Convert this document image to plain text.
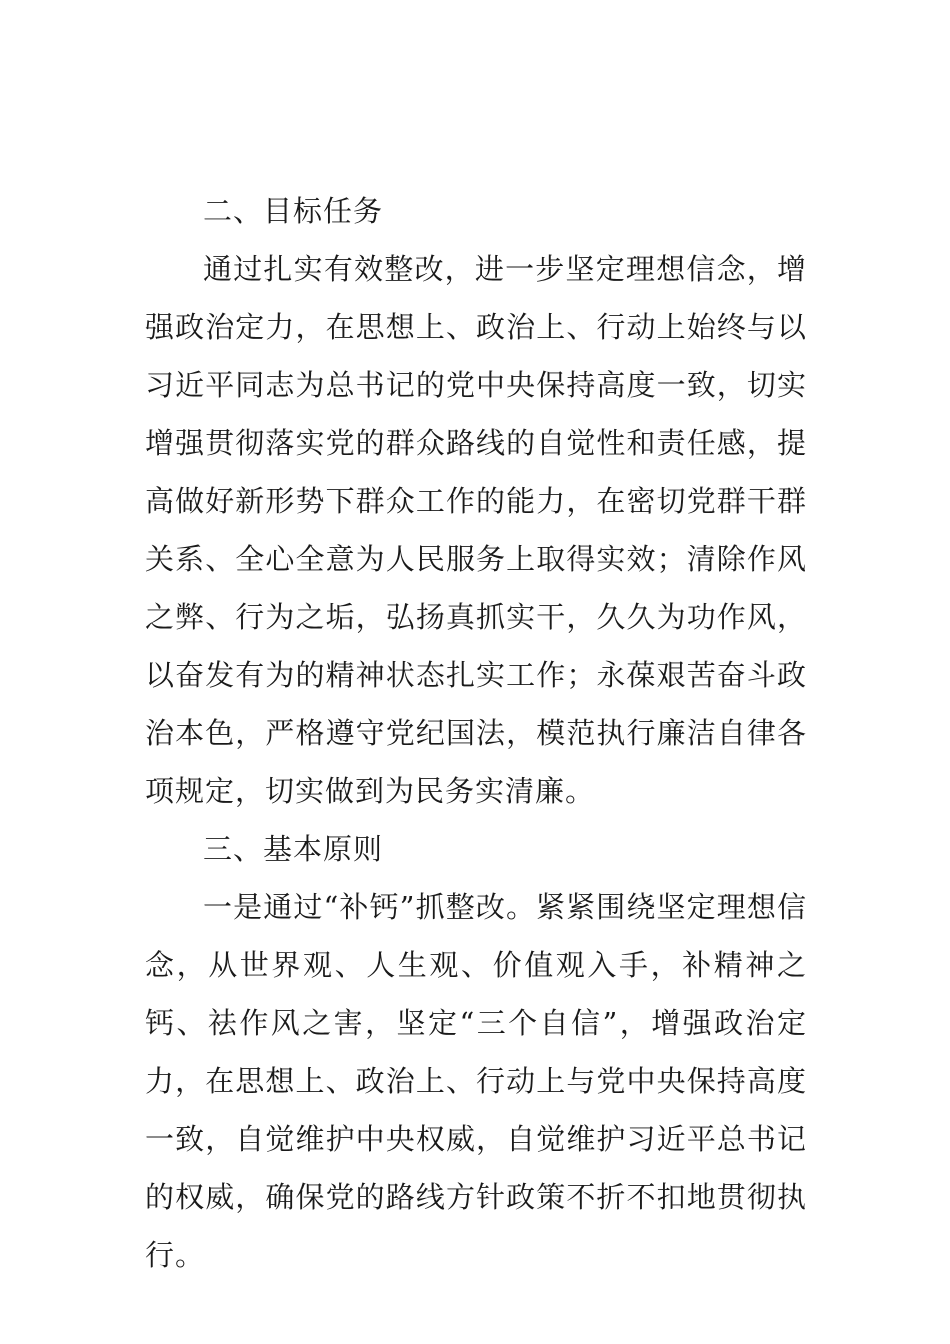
二、目标任务

通过扎实有效整改，进一步坚定理想信念，增强政治定力，在思想上、政治上、行动上始终与以习近平同志为总书记的党中央保持高度一致，切实增强贯彻落实党的群众路线的自觉性和责任感，提高做好新形势下群众工作的能力，在密切党群干群关系、全心全意为人民服务上取得实效；清除作风之弊、行为之垢，弘扬真抓实干，久久为功作风，以奋发有为的精神状态扎实工作；永葆艰苦奋斗政治本色，严格遵守党纪国法，模范执行廉洁自律各项规定，切实做到为民务实清廉。

三、基本原则

一是通过“补钙”抓整改。紧紧围绕坚定理想信念，从世界观、人生观、价值观入手，补精神之钙、祛作风之害，坚定“三个自信”，增强政治定力，在思想上、政治上、行动上与党中央保持高度一致，自觉维护中央权威，自觉维护习近平总书记的权威，确保党的路线方针政策不折不扣地贯彻执行。
